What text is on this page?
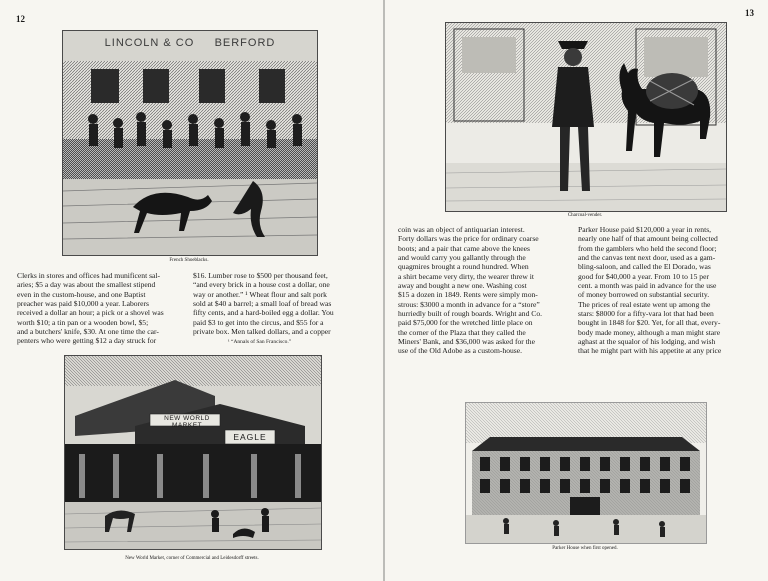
12
LINCOLN & CO BERFORD
French Shoeblacks.
Clerks in stores and offices had munificent sal-
aries; $5 a day was about the smallest stipend
even in the custom-house, and one Baptist
preacher was paid $10,000 a year. Laborers
received a dollar an hour; a pick or a shovel was
worth $10; a tin pan or a wooden bowl, $5;
and a butchers' knife, $30. At one time the car-
penters who were getting $12 a day struck for
$16. Lumber rose to $500 per thousand feet,
“and every brick in a house cost a dollar, one
way or another.” ¹ Wheat flour and salt pork
sold at $40 a barrel; a small loaf of bread was
fifty cents, and a hard-boiled egg a dollar. You
paid $3 to get into the circus, and $55 for a
private box. Men talked dollars, and a copper
¹ “Annals of San Francisco.”
NEW WORLD MARKET
EAGLE
New World Market, corner of Commercial and Leidesdorff streets.
13
Charcoal-vender.
coin was an object of antiquarian interest.
Forty dollars was the price for ordinary coarse
boots; and a pair that came above the knees
and would carry you gallantly through the
quagmires brought a round hundred. When
a shirt became very dirty, the wearer threw it
away and bought a new one. Washing cost
$15 a dozen in 1849. Rents were simply mon-
strous: $3000 a month in advance for a “store”
hurriedly built of rough boards. Wright and Co.
paid $75,000 for the wretched little place on
the corner of the Plaza that they called the
Miners' Bank, and $36,000 was asked for the
use of the Old Adobe as a custom-house.
Parker House paid $120,000 a year in rents,
nearly one half of that amount being collected
from the gamblers who held the second floor;
and the canvas tent next door, used as a gam-
bling-saloon, and called the El Dorado, was
good for $40,000 a year. From 10 to 15 per
cent. a month was paid in advance for the use
of money borrowed on substantial security.
The prices of real estate went up among the
stars: $8000 for a fifty-vara lot that had been
bought in 1848 for $20. Yet, for all that, every-
body made money, although a man might stare
aghast at the squalor of his lodging, and wish
that he might part with his appetite at any price
Parker House when first opened.
